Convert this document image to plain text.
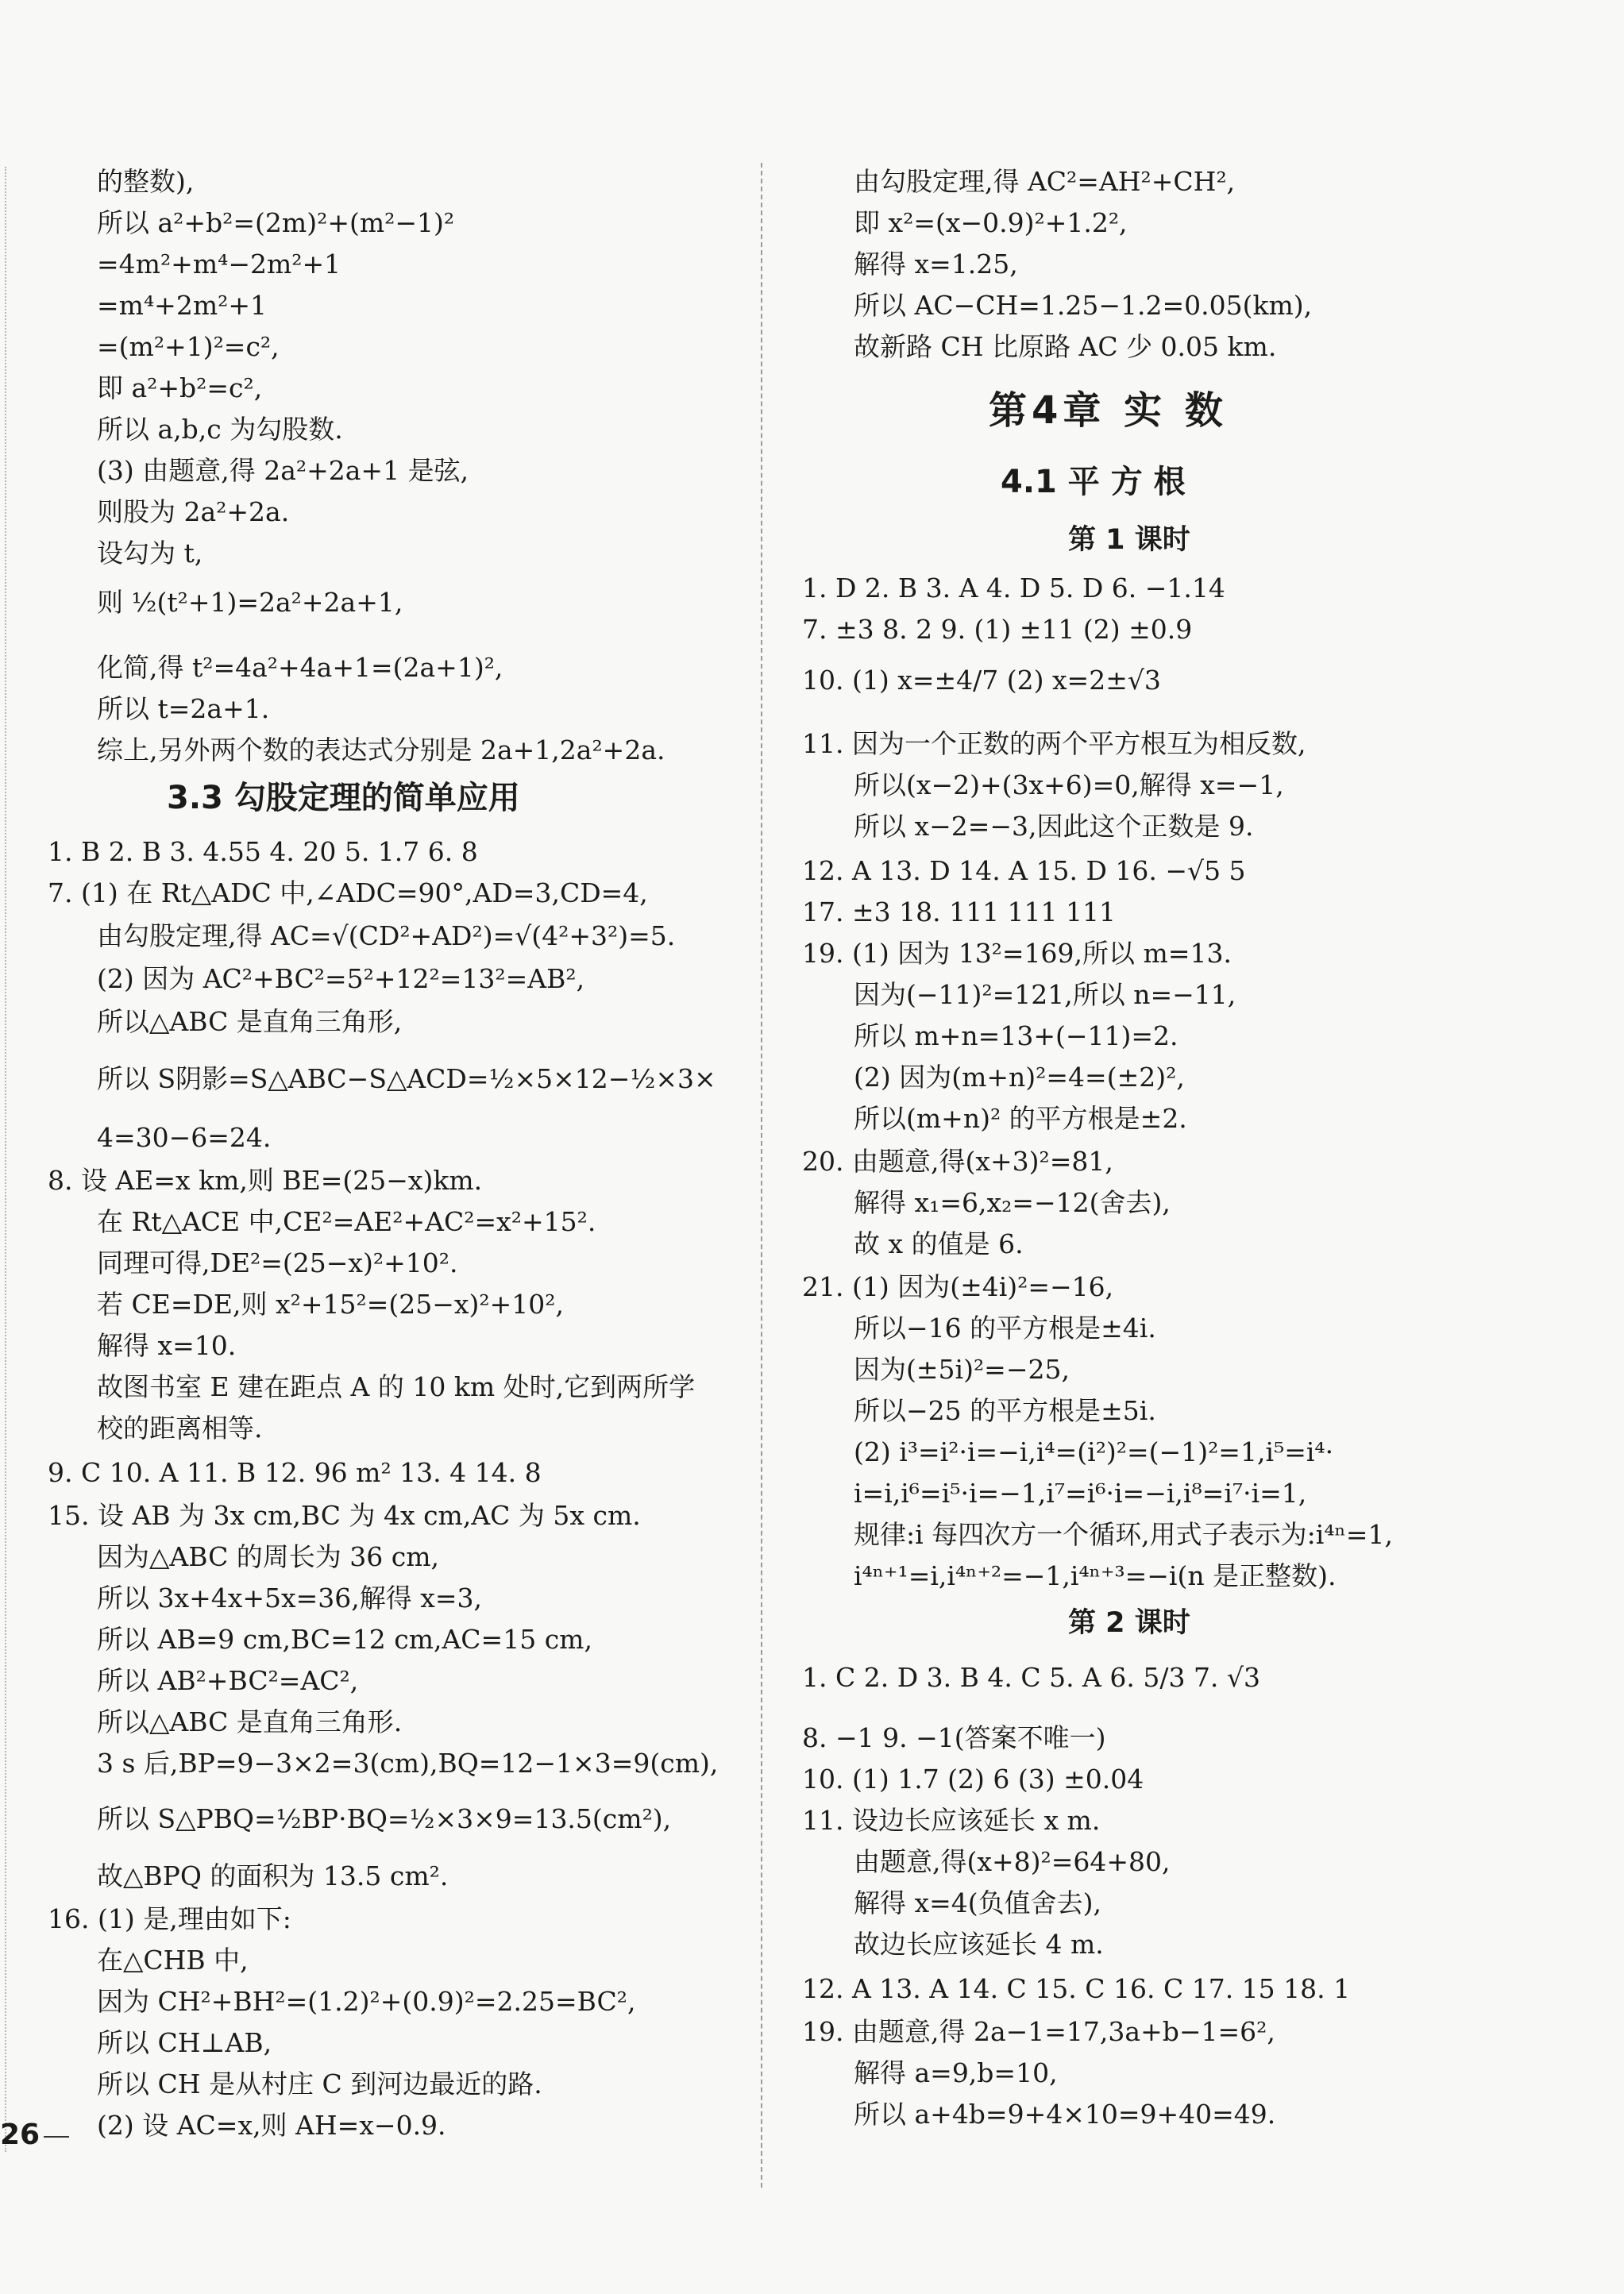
的整数),
所以 a²+b²=(2m)²+(m²−1)²
=4m²+m⁴−2m²+1
=m⁴+2m²+1
=(m²+1)²=c²,
即 a²+b²=c²,
所以 a,b,c 为勾股数.
(3) 由题意,得 2a²+2a+1 是弦,
则股为 2a²+2a.
设勾为 t,
则 ½(t²+1)=2a²+2a+1,
化简,得 t²=4a²+4a+1=(2a+1)²,
所以 t=2a+1.
综上,另外两个数的表达式分别是 2a+1,2a²+2a.
3.3 勾股定理的简单应用
1. B 2. B 3. 4.55 4. 20 5. 1.7 6. 8
7. (1) 在 Rt△ADC 中,∠ADC=90°,AD=3,CD=4,
由勾股定理,得 AC=√(CD²+AD²)=√(4²+3²)=5.
(2) 因为 AC²+BC²=5²+12²=13²=AB²,
所以△ABC 是直角三角形,
所以 S阴影=S△ABC−S△ACD=½×5×12−½×3×
4=30−6=24.
8. 设 AE=x km,则 BE=(25−x)km.
在 Rt△ACE 中,CE²=AE²+AC²=x²+15².
同理可得,DE²=(25−x)²+10².
若 CE=DE,则 x²+15²=(25−x)²+10²,
解得 x=10.
故图书室 E 建在距点 A 的 10 km 处时,它到两所学
校的距离相等.
9. C 10. A 11. B 12. 96 m² 13. 4 14. 8
15. 设 AB 为 3x cm,BC 为 4x cm,AC 为 5x cm.
因为△ABC 的周长为 36 cm,
所以 3x+4x+5x=36,解得 x=3,
所以 AB=9 cm,BC=12 cm,AC=15 cm,
所以 AB²+BC²=AC²,
所以△ABC 是直角三角形.
3 s 后,BP=9−3×2=3(cm),BQ=12−1×3=9(cm),
所以 S△PBQ=½BP·BQ=½×3×9=13.5(cm²),
故△BPQ 的面积为 13.5 cm².
16. (1) 是,理由如下:
在△CHB 中,
因为 CH²+BH²=(1.2)²+(0.9)²=2.25=BC²,
所以 CH⊥AB,
所以 CH 是从村庄 C 到河边最近的路.
(2) 设 AC=x,则 AH=x−0.9.
由勾股定理,得 AC²=AH²+CH²,
即 x²=(x−0.9)²+1.2²,
解得 x=1.25,
所以 AC−CH=1.25−1.2=0.05(km),
故新路 CH 比原路 AC 少 0.05 km.
第4章 实 数
4.1 平 方 根
第 1 课时
1. D 2. B 3. A 4. D 5. D 6. −1.14
7. ±3 8. 2 9. (1) ±11 (2) ±0.9
10. (1) x=±4/7 (2) x=2±√3
11. 因为一个正数的两个平方根互为相反数,
所以(x−2)+(3x+6)=0,解得 x=−1,
所以 x−2=−3,因此这个正数是 9.
12. A 13. D 14. A 15. D 16. −√5 5
17. ±3 18. 111 111 111
19. (1) 因为 13²=169,所以 m=13.
因为(−11)²=121,所以 n=−11,
所以 m+n=13+(−11)=2.
(2) 因为(m+n)²=4=(±2)²,
所以(m+n)² 的平方根是±2.
20. 由题意,得(x+3)²=81,
解得 x₁=6,x₂=−12(舍去),
故 x 的值是 6.
21. (1) 因为(±4i)²=−16,
所以−16 的平方根是±4i.
因为(±5i)²=−25,
所以−25 的平方根是±5i.
(2) i³=i²·i=−i,i⁴=(i²)²=(−1)²=1,i⁵=i⁴·
i=i,i⁶=i⁵·i=−1,i⁷=i⁶·i=−i,i⁸=i⁷·i=1,
规律:i 每四次方一个循环,用式子表示为:i⁴ⁿ=1,
i⁴ⁿ⁺¹=i,i⁴ⁿ⁺²=−1,i⁴ⁿ⁺³=−i(n 是正整数).
第 2 课时
1. C 2. D 3. B 4. C 5. A 6. 5/3 7. √3
8. −1 9. −1(答案不唯一)
10. (1) 1.7 (2) 6 (3) ±0.04
11. 设边长应该延长 x m.
由题意,得(x+8)²=64+80,
解得 x=4(负值舍去),
故边长应该延长 4 m.
12. A 13. A 14. C 15. C 16. C 17. 15 18. 1
19. 由题意,得 2a−1=17,3a+b−1=6²,
解得 a=9,b=10,
所以 a+4b=9+4×10=9+40=49.
26
